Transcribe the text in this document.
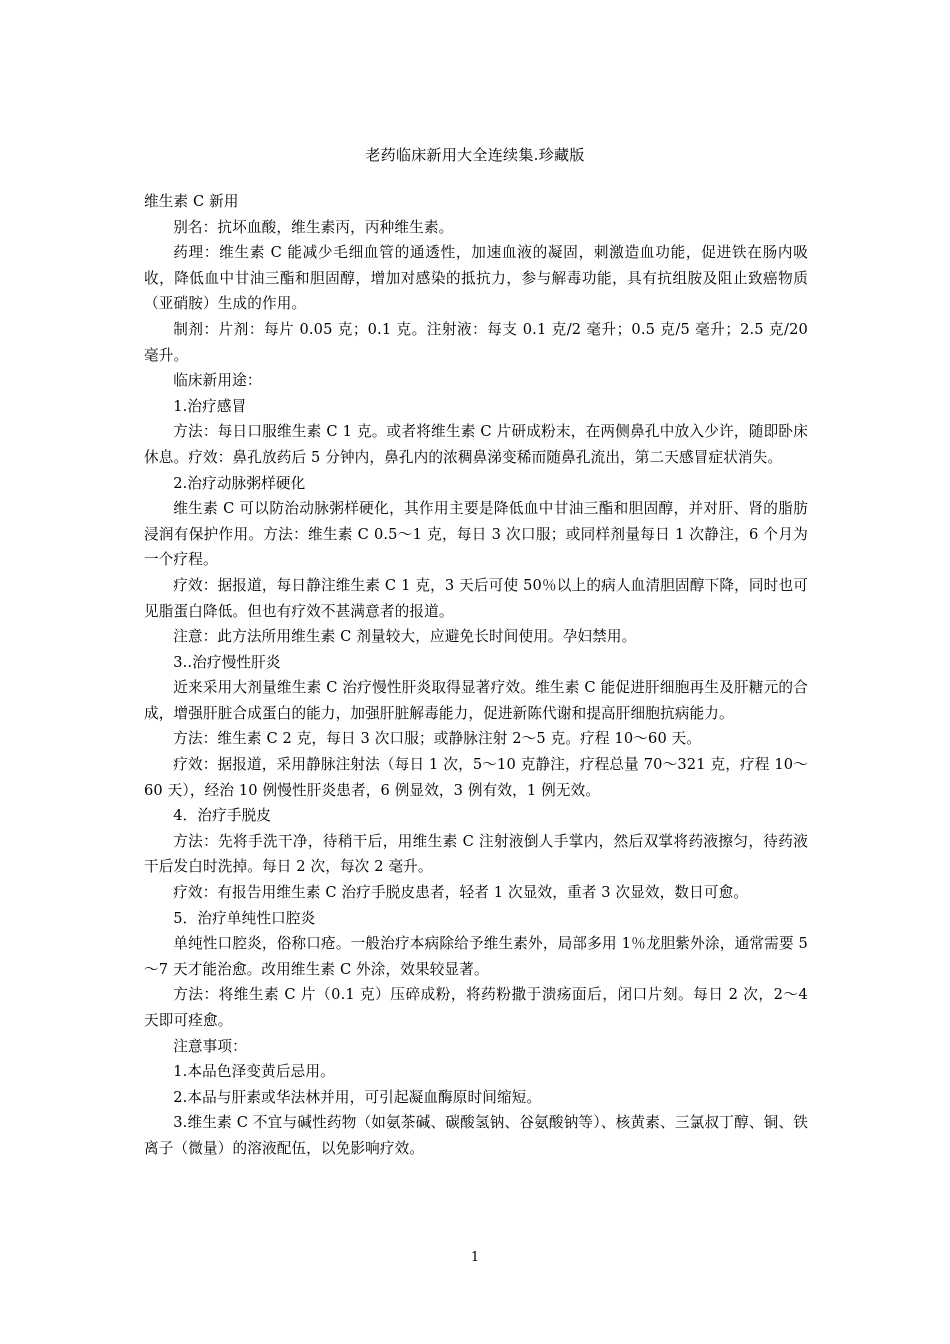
老药临床新用大全连续集.珍藏版

维生素 C 新用

别名：抗坏血酸，维生素丙，丙种维生素。

药理：维生素 C 能减少毛细血管的通透性，加速血液的凝固，刺激造血功能，促进铁在肠内吸收，降低血中甘油三酯和胆固醇，增加对感染的抵抗力，参与解毒功能，具有抗组胺及阻止致癌物质（亚硝胺）生成的作用。

制剂：片剂：每片 0.05 克；0.1 克。注射液：每支 0.1 克/2 毫升；0.5 克/5 毫升；2.5 克/20 毫升。

临床新用途：

1.治疗感冒

方法：每日口服维生素 C 1 克。或者将维生素 C 片研成粉末，在两侧鼻孔中放入少许，随即卧床休息。疗效：鼻孔放药后 5 分钟内，鼻孔内的浓稠鼻涕变稀而随鼻孔流出，第二天感冒症状消失。

2.治疗动脉粥样硬化

维生素 C 可以防治动脉粥样硬化，其作用主要是降低血中甘油三酯和胆固醇，并对肝、肾的脂肪浸润有保护作用。方法：维生素 C 0.5～1 克，每日 3 次口服；或同样剂量每日 1 次静注，6 个月为一个疗程。

疗效：据报道，每日静注维生素 C 1 克，3 天后可使 50％以上的病人血清胆固醇下降，同时也可见脂蛋白降低。但也有疗效不甚满意者的报道。

注意：此方法所用维生素 C 剂量较大，应避免长时间使用。孕妇禁用。

3..治疗慢性肝炎

近来采用大剂量维生素 C 治疗慢性肝炎取得显著疗效。维生素 C 能促进肝细胞再生及肝糖元的合成，增强肝脏合成蛋白的能力，加强肝脏解毒能力，促进新陈代谢和提高肝细胞抗病能力。

方法：维生素 C 2 克，每日 3 次口服；或静脉注射 2～5 克。疗程 10～60 天。

疗效：据报道，采用静脉注射法（每日 1 次，5～10 克静注，疗程总量 70～321 克，疗程 10～60 天），经治 10 例慢性肝炎患者，6 例显效，3 例有效，1 例无效。

4．治疗手脱皮

方法：先将手洗干净，待稍干后，用维生素 C 注射液倒人手掌内，然后双掌将药液擦匀，待药液干后发白时洗掉。每日 2 次，每次 2 毫升。

疗效：有报告用维生素 C 治疗手脱皮患者，轻者 1 次显效，重者 3 次显效，数日可愈。

5．治疗单纯性口腔炎

单纯性口腔炎，俗称口疮。一般治疗本病除给予维生素外，局部多用 1％龙胆紫外涂，通常需要 5～7 天才能治愈。改用维生素 C 外涂，效果较显著。

方法：将维生素 C 片（0.1 克）压碎成粉，将药粉撒于溃疡面后，闭口片刻。每日 2 次，2～4 天即可痊愈。

注意事项：

1.本品色泽变黄后忌用。

2.本品与肝素或华法林并用，可引起凝血酶原时间缩短。

3.维生素 C 不宜与碱性药物（如氨茶碱、碳酸氢钠、谷氨酸钠等）、核黄素、三氯叔丁醇、铜、铁离子（微量）的溶液配伍，以免影响疗效。

1
